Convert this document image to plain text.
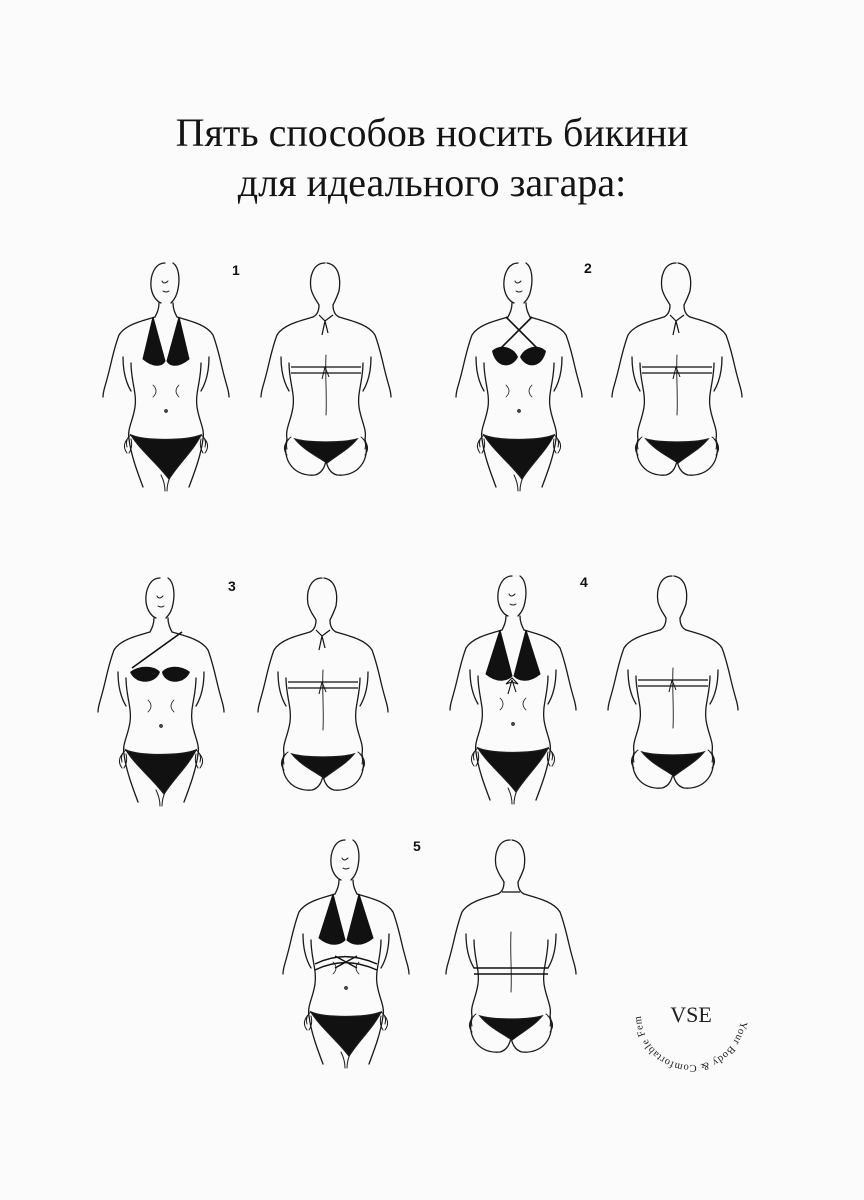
Пять способов носить бикини
для идеального загара:
1	2
3	4
5
Your Body & Comfortable Fem	VSE
